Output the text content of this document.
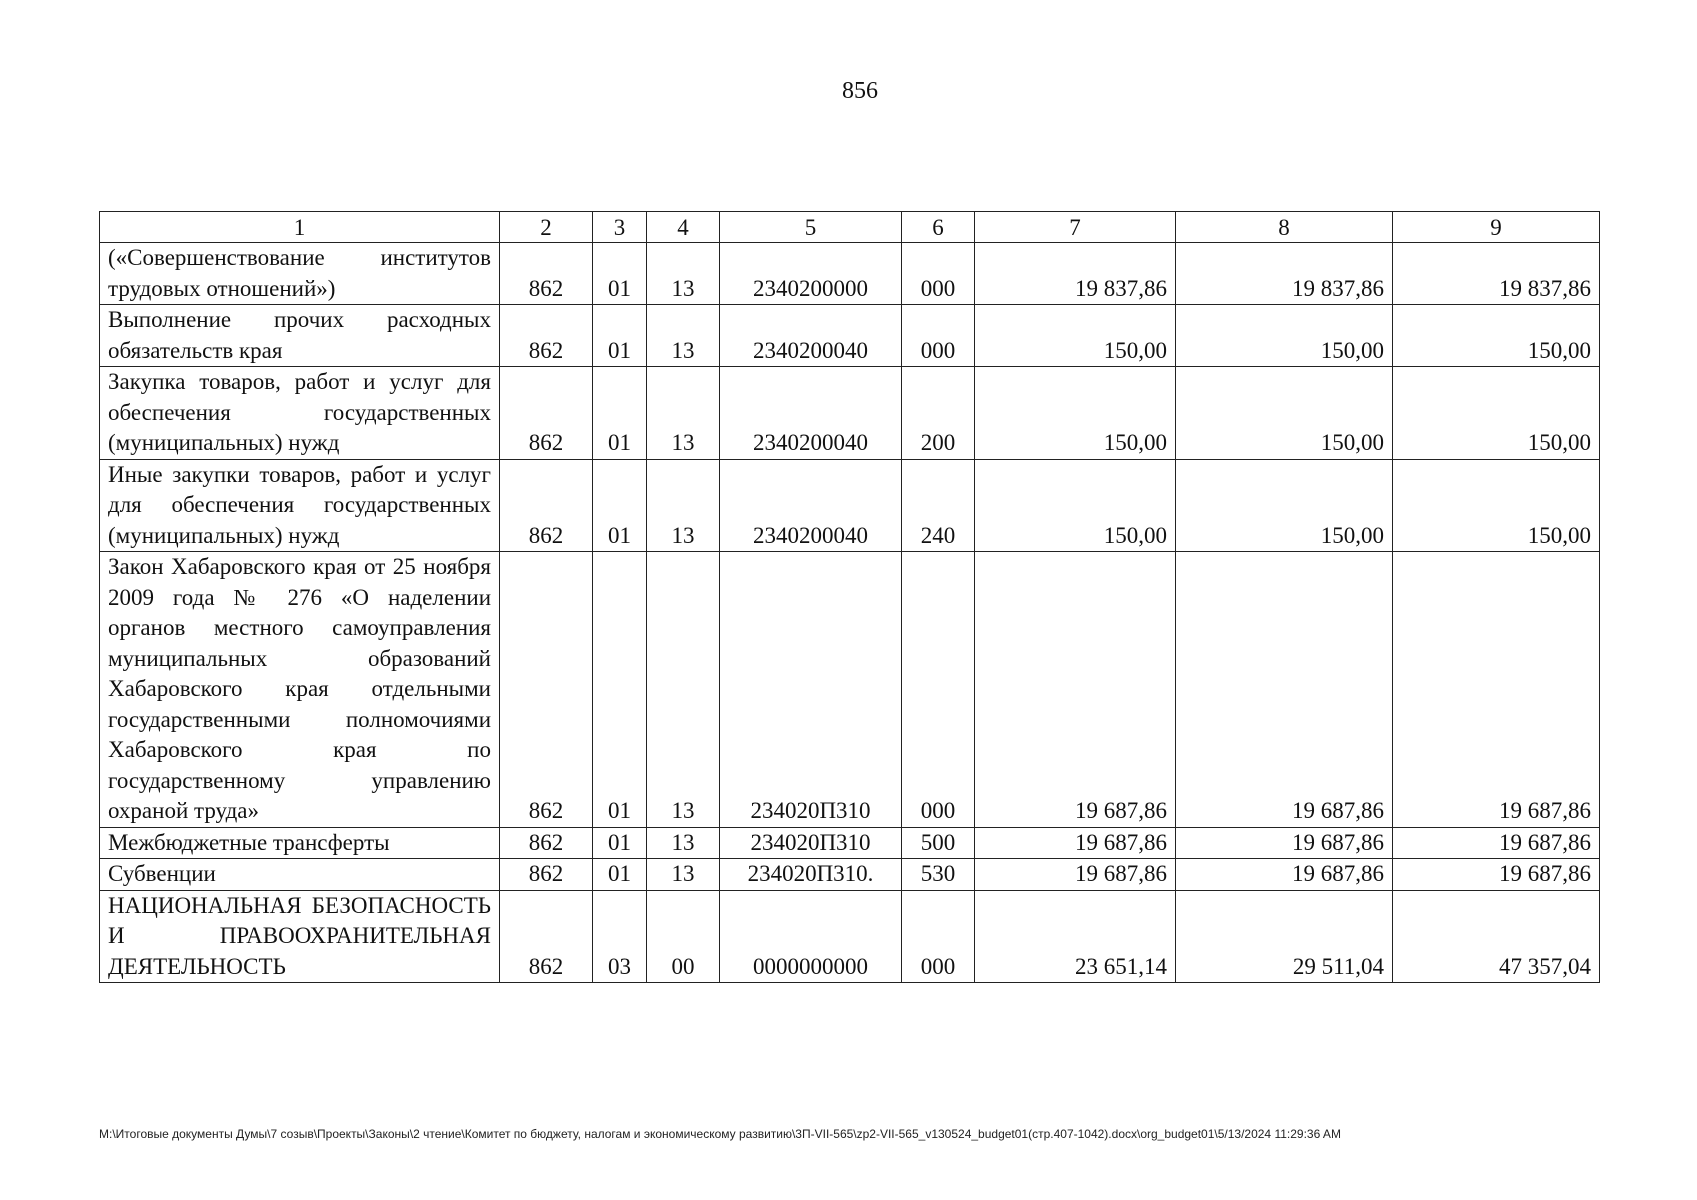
856
1	2	3	4	5	6	7	8	9
(«Совершенствование институтов трудовых отношений»)	862	01	13	2340200000	000	19 837,86	19 837,86	19 837,86
Выполнение прочих расходных обязательств края	862	01	13	2340200040	000	150,00	150,00	150,00
Закупка товаров, работ и услуг для обеспечения государственных (муниципальных) нужд	862	01	13	2340200040	200	150,00	150,00	150,00
Иные закупки товаров, работ и услуг для обеспечения государственных (муниципальных) нужд	862	01	13	2340200040	240	150,00	150,00	150,00
Закон Хабаровского края от 25 ноября 2009 года № 276 «О наделении органов местного самоуправления муниципальных образований Хабаровского края отдельными государственными полномочиями Хабаровского края по государственному управлению охраной труда»	862	01	13	234020П310	000	19 687,86	19 687,86	19 687,86
Межбюджетные трансферты	862	01	13	234020П310	500	19 687,86	19 687,86	19 687,86
Субвенции	862	01	13	234020П310.	530	19 687,86	19 687,86	19 687,86
НАЦИОНАЛЬНАЯ БЕЗОПАСНОСТЬ И ПРАВООХРАНИТЕЛЬНАЯ ДЕЯТЕЛЬНОСТЬ	862	03	00	0000000000	000	23 651,14	29 511,04	47 357,04
M:\Итоговые документы Думы\7 созыв\Проекты\Законы\2 чтение\Комитет по бюджету, налогам и экономическому развитию\3П-VII-565\zp2-VII-565_v130524_budget01(стр.407-1042).docx\org_budget01\5/13/2024 11:29:36 AM
